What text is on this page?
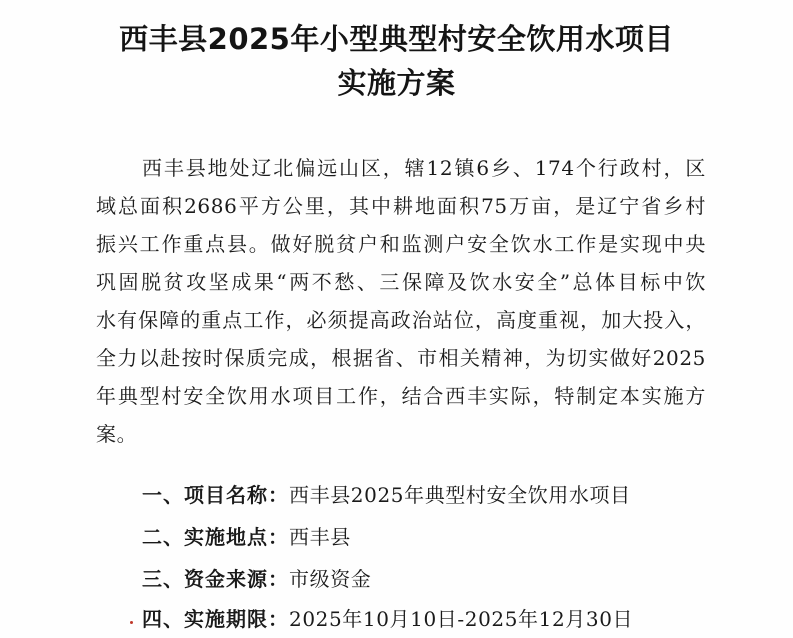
西丰县2025年小型典型村安全饮用水项目
实施方案
西丰县地处辽北偏远山区，辖12镇6乡、174个行政村，区
域总面积2686平方公里，其中耕地面积75万亩，是辽宁省乡村
振兴工作重点县。做好脱贫户和监测户安全饮水工作是实现中央
巩固脱贫攻坚成果“两不愁、三保障及饮水安全”总体目标中饮
水有保障的重点工作，必须提高政治站位，高度重视，加大投入，
全力以赴按时保质完成，根据省、市相关精神，为切实做好2025
年典型村安全饮用水项目工作，结合西丰实际，特制定本实施方
案。
一、项目名称：西丰县2025年典型村安全饮用水项目
二、实施地点：西丰县
三、资金来源：市级资金
四、实施期限：2025年10月10日-2025年12月30日
